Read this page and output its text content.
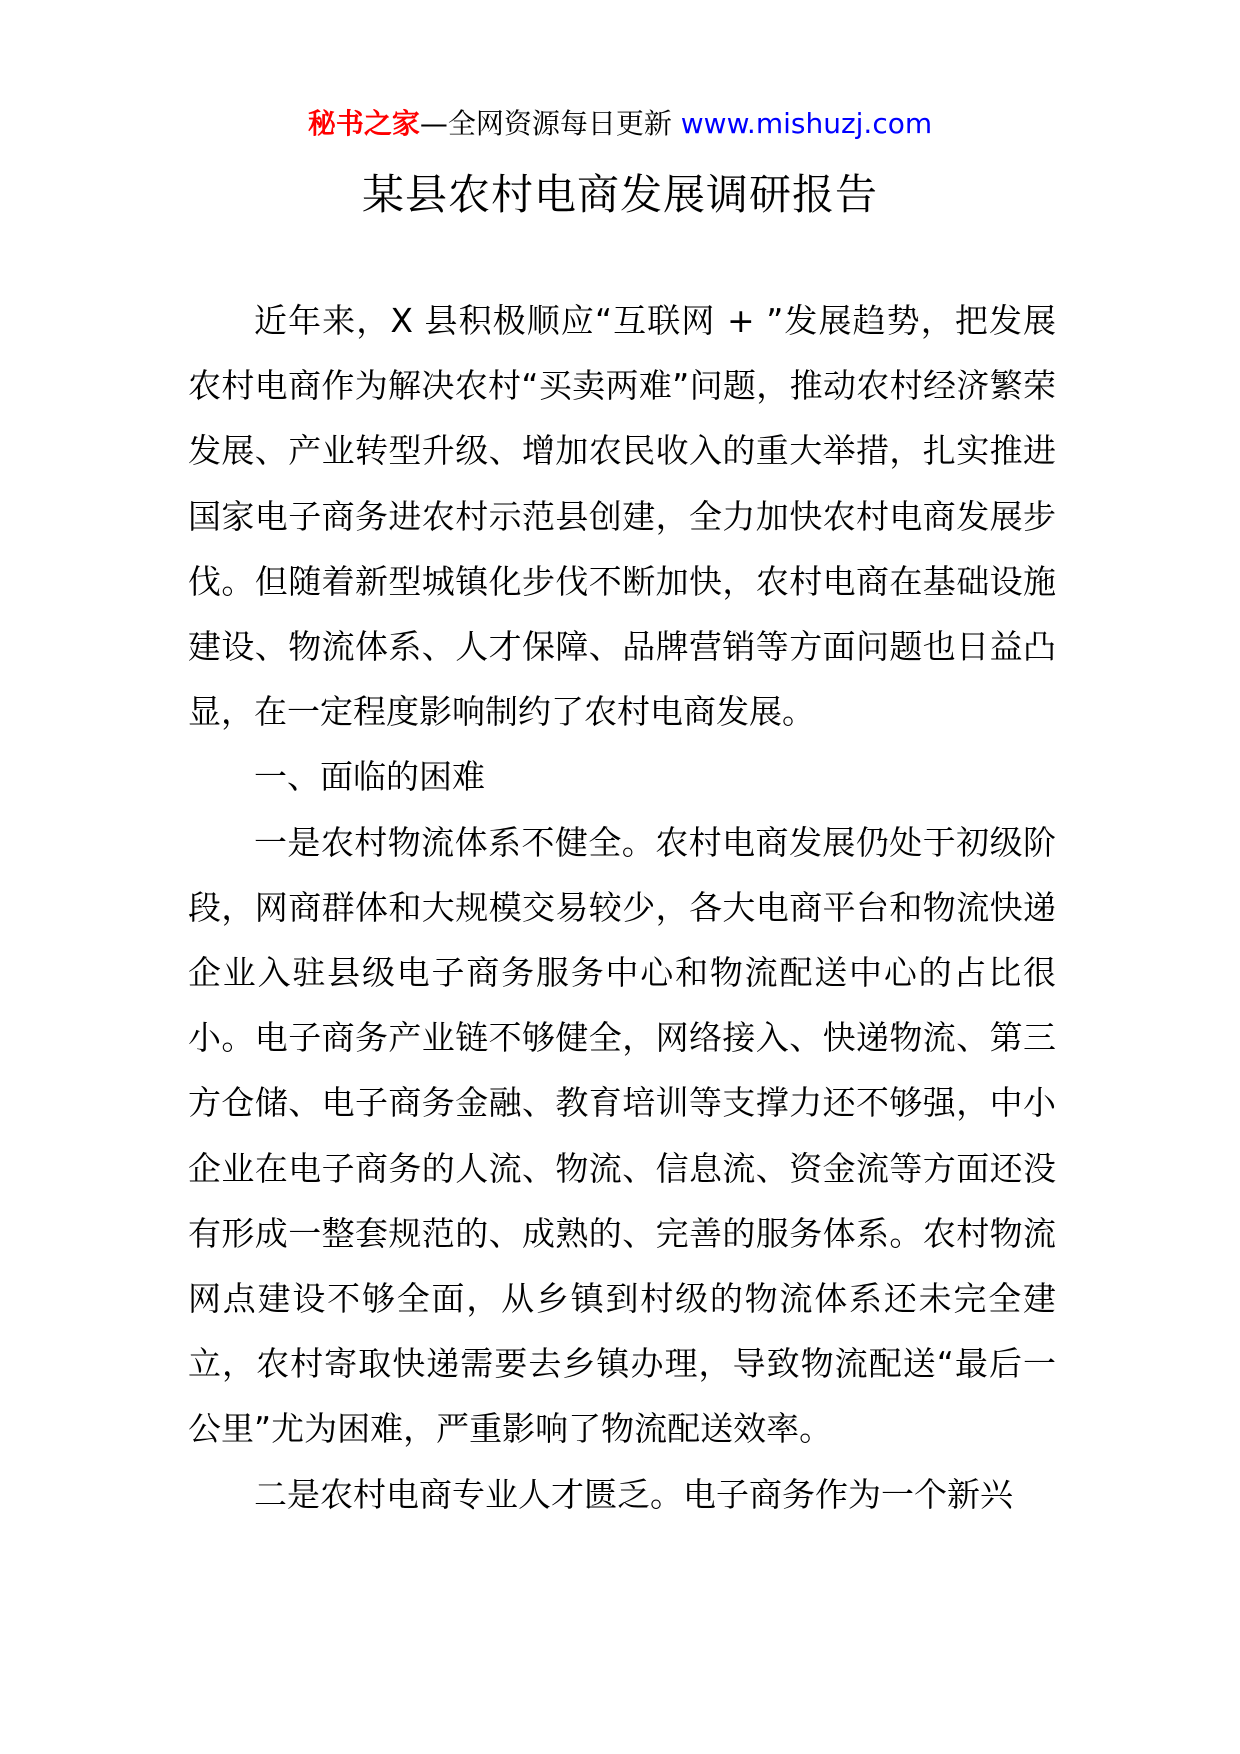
秘书之家—全网资源每日更新 www.mishuzj.com
某县农村电商发展调研报告

近年来，X 县积极顺应“互联网 + ”发展趋势，把发展农村电商作为解决农村“买卖两难”问题，推动农村经济繁荣发展、产业转型升级、增加农民收入的重大举措，扎实推进国家电子商务进农村示范县创建，全力加快农村电商发展步伐。但随着新型城镇化步伐不断加快，农村电商在基础设施建设、物流体系、人才保障、品牌营销等方面问题也日益凸显，在一定程度影响制约了农村电商发展。

一、面临的困难

一是农村物流体系不健全。农村电商发展仍处于初级阶段，网商群体和大规模交易较少，各大电商平台和物流快递企业入驻县级电子商务服务中心和物流配送中心的占比很小。电子商务产业链不够健全，网络接入、快递物流、第三方仓储、电子商务金融、教育培训等支撑力还不够强，中小企业在电子商务的人流、物流、信息流、资金流等方面还没有形成一整套规范的、成熟的、完善的服务体系。农村物流网点建设不够全面，从乡镇到村级的物流体系还未完全建立，农村寄取快递需要去乡镇办理，导致物流配送“最后一公里”尤为困难，严重影响了物流配送效率。

二是农村电商专业人才匮乏。电子商务作为一个新兴
